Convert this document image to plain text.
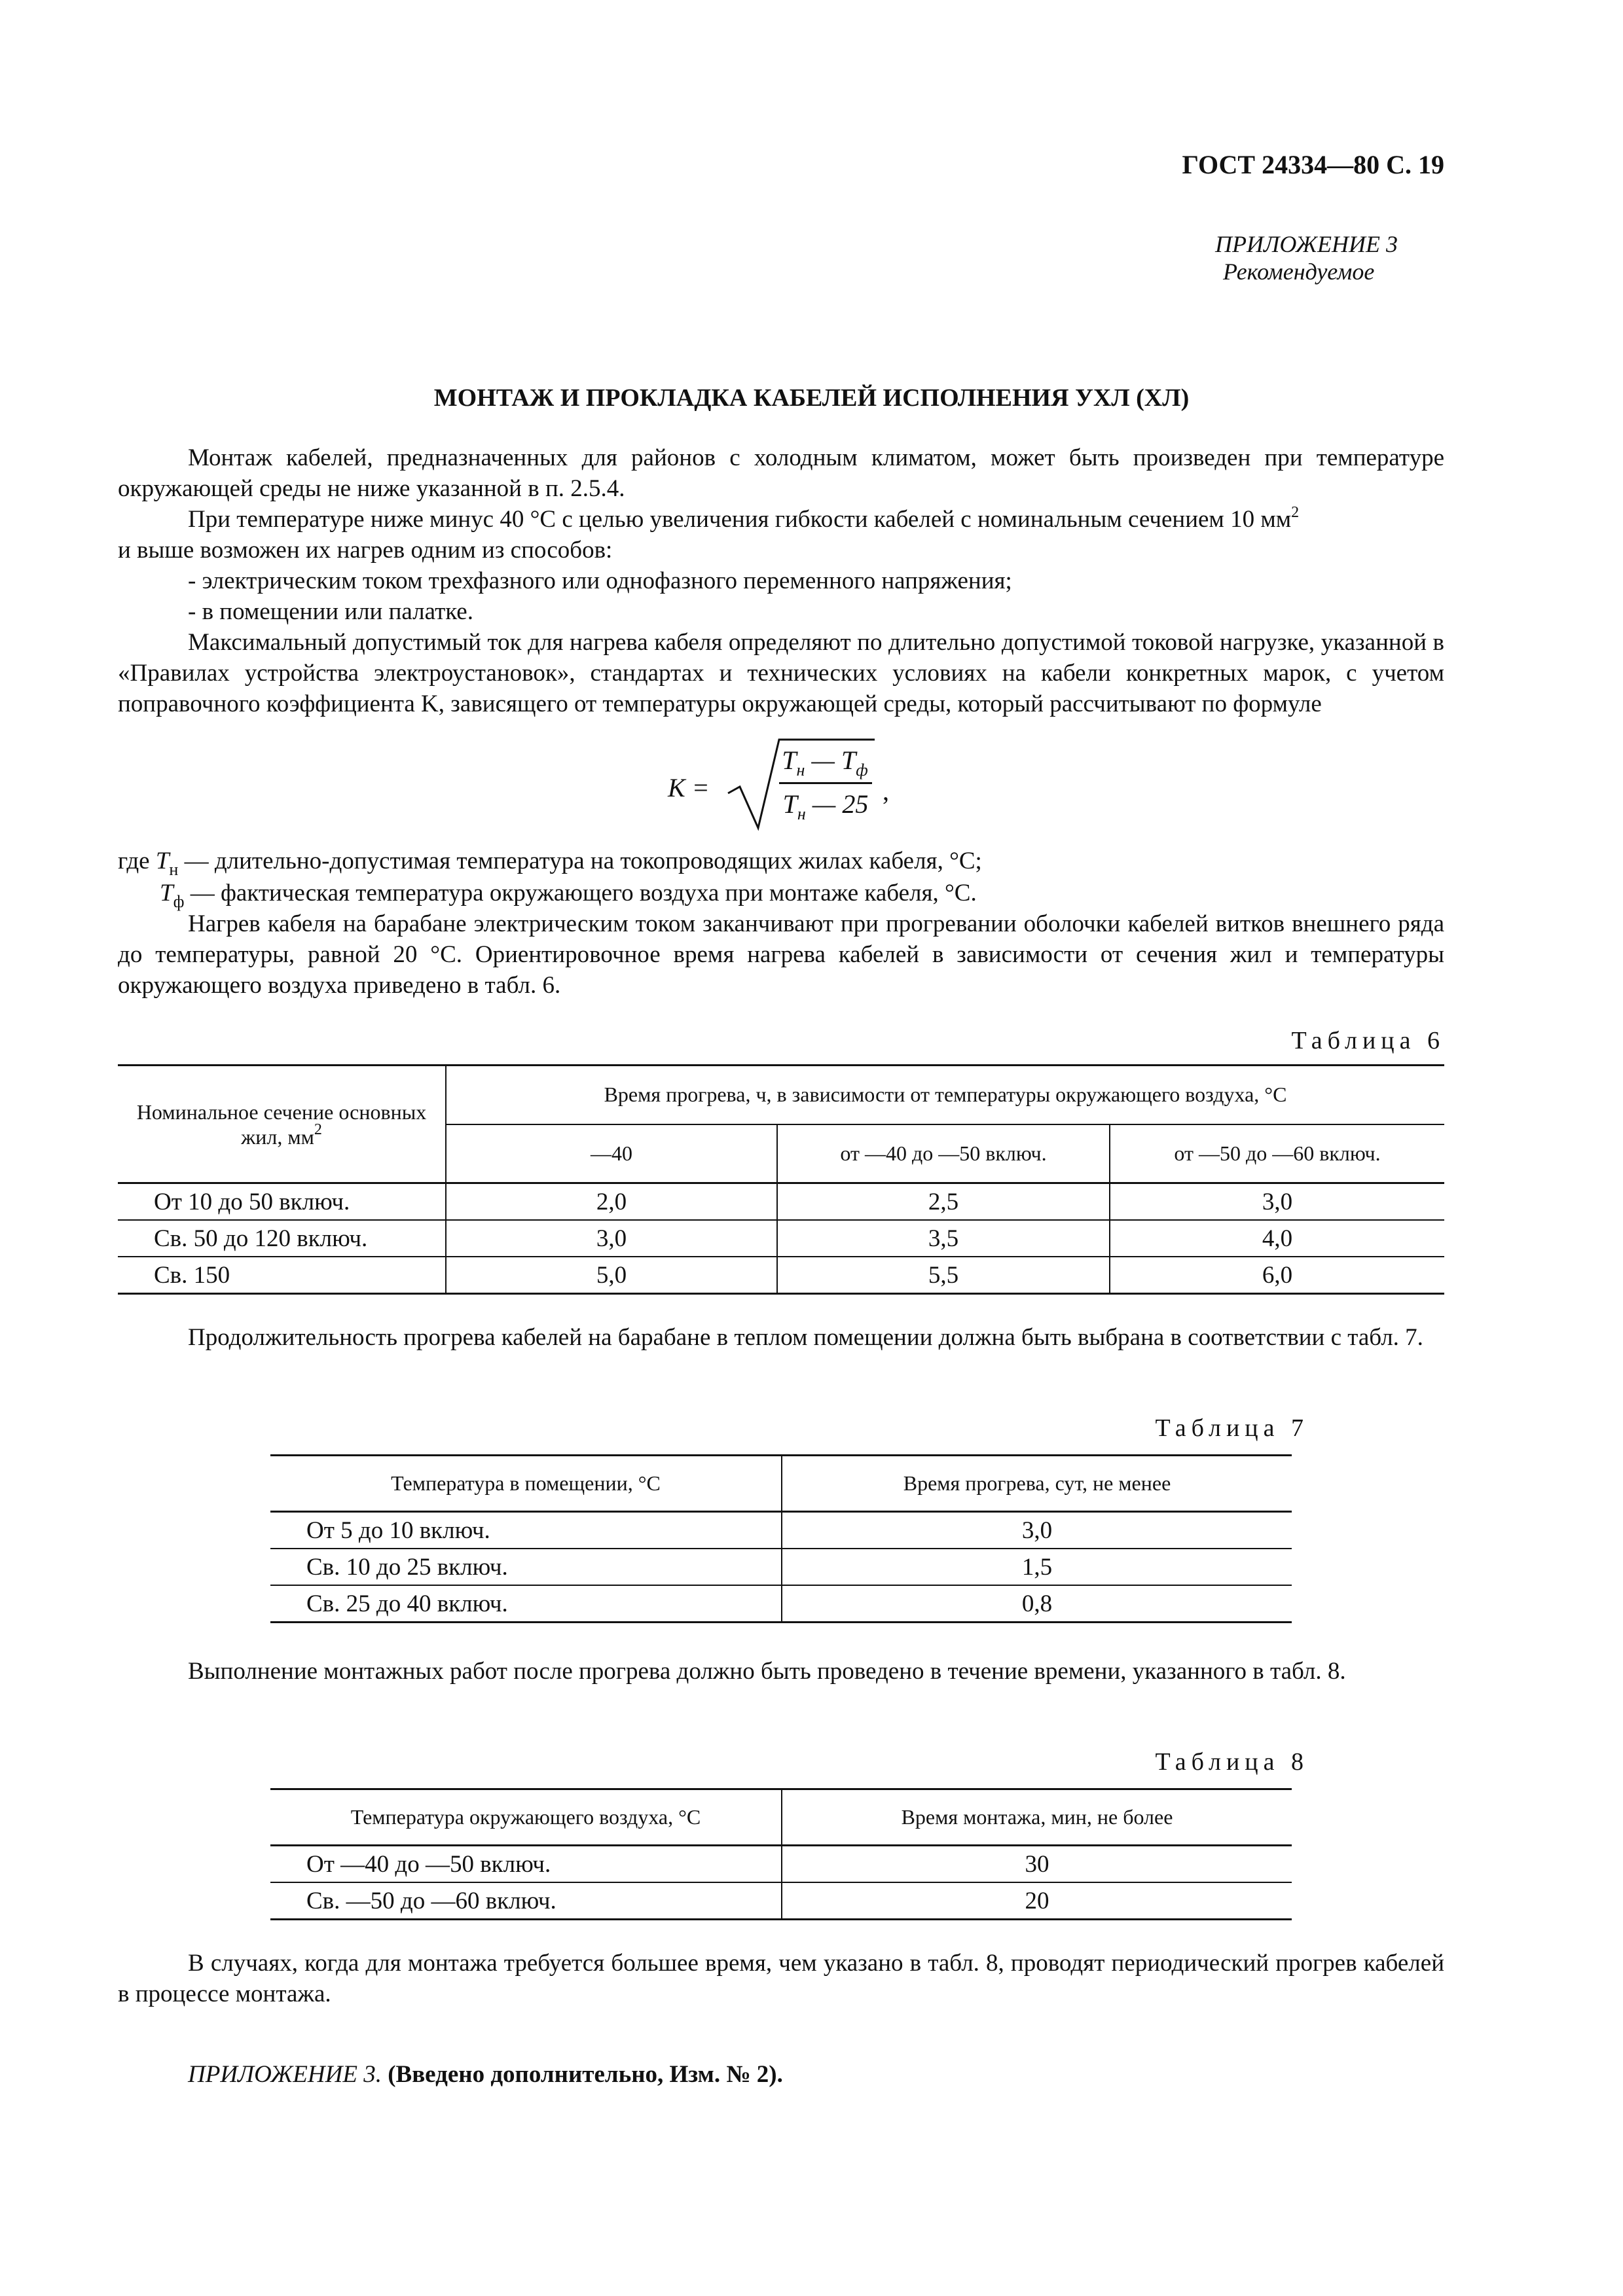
ГОСТ 24334—80 С. 19
ПРИЛОЖЕНИЕ 3
Рекомендуемое
МОНТАЖ И ПРОКЛАДКА КАБЕЛЕЙ ИСПОЛНЕНИЯ УХЛ (ХЛ)
Монтаж кабелей, предназначенных для районов с холодным климатом, может быть произведен при температуре окружающей среды не ниже указанной в п. 2.5.4.
При температуре ниже минус 40 °С с целью увеличения гибкости кабелей с номинальным сечением 10 $мм^2$
и выше возможен их нагрев одним из способов:
- электрическим током трехфазного или однофазного переменного напряжения;
- в помещении или палатке.
Максимальный допустимый ток для нагрева кабеля определяют по длительно допустимой токовой нагрузке, указанной в «Правилах устройства электроустановок», стандартах и технических условиях на кабели конкретных марок, с учетом поправочного коэффициента K, зависящего от температуры окружающей среды, который рассчитывают по формуле
K =
$T_н$ — $T_ф$
$T_н$ — 25 ,
где $T_н$ — длительно-допустимая температура на токопроводящих жилах кабеля, °С;
$T_ф$ — фактическая температура окружающего воздуха при монтаже кабеля, °С.
Нагрев кабеля на барабане электрическим током заканчивают при прогревании оболочки кабелей витков внешнего ряда до температуры, равной 20 °С. Ориентировочное время нагрева кабелей в зависимости от сечения жил и температуры окружающего воздуха приведено в табл. 6.
Таблица 6
Номинальное сечение основных жил, $мм^2$	Время прогрева, ч, в зависимости от температуры окружающего воздуха, °С		
	—40	от —40 до —50 включ.	от —50 до —60 включ.
От 10 до 50 включ.	2,0	2,5	3,0
Св. 50 до 120 включ.	3,0	3,5	4,0
Св. 150	5,0	5,5	6,0
Продолжительность прогрева кабелей на барабане в теплом помещении должна быть выбрана в соответствии с табл. 7.
Таблица 7
Температура в помещении, °С	Время прогрева, сут, не менее
От 5 до 10 включ.	3,0
Св. 10 до 25 включ.	1,5
Св. 25 до 40 включ.	0,8
Выполнение монтажных работ после прогрева должно быть проведено в течение времени, указанного в табл. 8.
Таблица 8
Температура окружающего воздуха, °С	Время монтажа, мин, не более
От —40 до —50 включ.	30
Св. —50 до —60 включ.	20
В случаях, когда для монтажа требуется большее время, чем указано в табл. 8, проводят периодический прогрев кабелей в процессе монтажа.
ПРИЛОЖЕНИЕ 3. (Введено дополнительно, Изм. № 2).
